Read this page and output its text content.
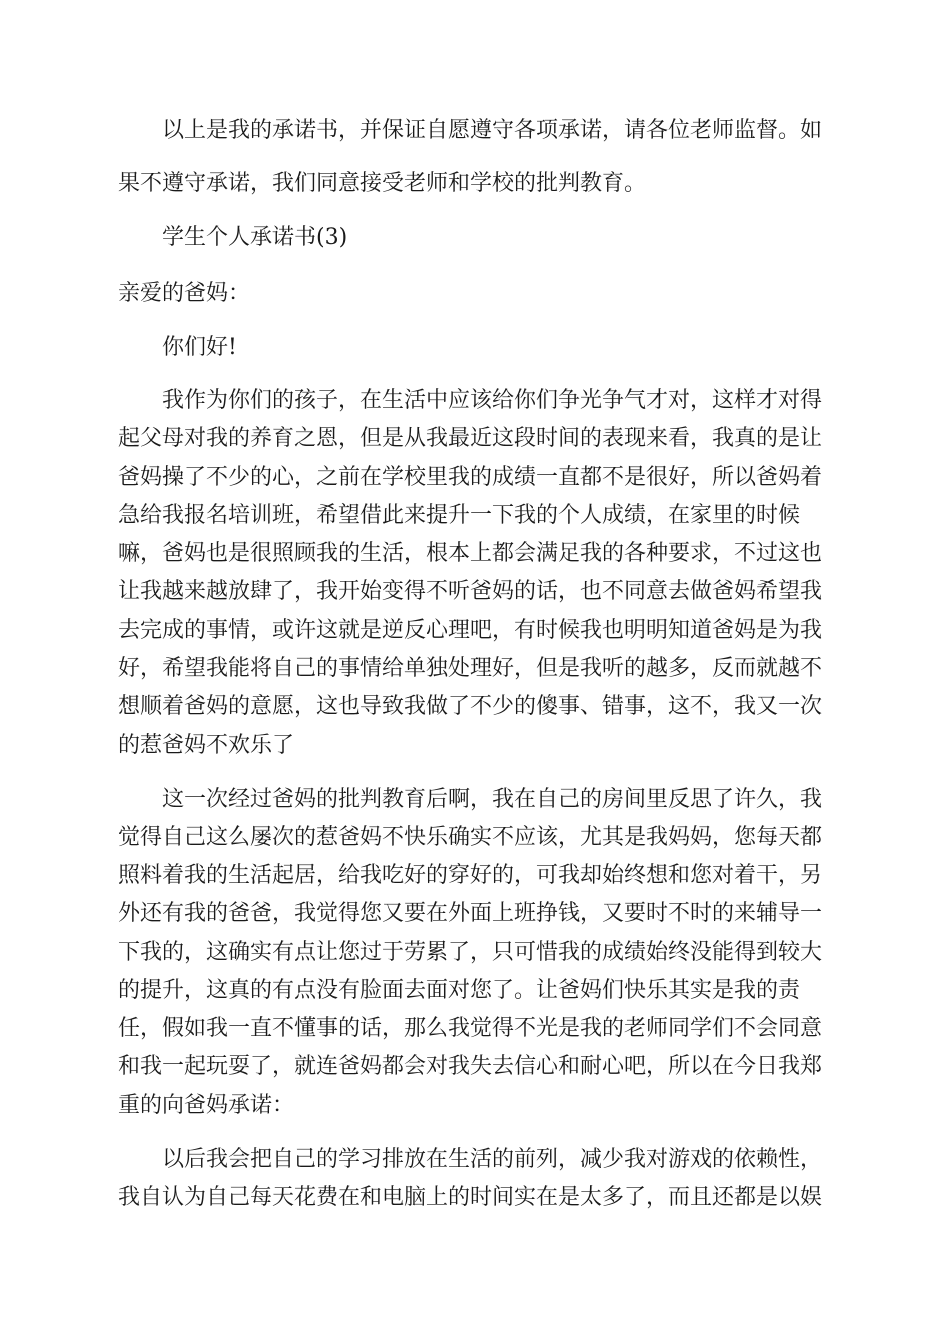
以上是我的承诺书，并保证自愿遵守各项承诺，请各位老师监督。如
果不遵守承诺，我们同意接受老师和学校的批判教育。
学生个人承诺书(3)
亲爱的爸妈：
你们好!
我作为你们的孩子，在生活中应该给你们争光争气才对，这样才对得
起父母对我的养育之恩，但是从我最近这段时间的表现来看，我真的是让
爸妈操了不少的心，之前在学校里我的成绩一直都不是很好，所以爸妈着
急给我报名培训班，希望借此来提升一下我的个人成绩，在家里的时候
嘛，爸妈也是很照顾我的生活，根本上都会满足我的各种要求，不过这也
让我越来越放肆了，我开始变得不听爸妈的话，也不同意去做爸妈希望我
去完成的事情，或许这就是逆反心理吧，有时候我也明明知道爸妈是为我
好，希望我能将自己的事情给单独处理好，但是我听的越多，反而就越不
想顺着爸妈的意愿，这也导致我做了不少的傻事、错事，这不，我又一次
的惹爸妈不欢乐了
这一次经过爸妈的批判教育后啊，我在自己的房间里反思了许久，我
觉得自己这么屡次的惹爸妈不快乐确实不应该，尤其是我妈妈，您每天都
照料着我的生活起居，给我吃好的穿好的，可我却始终想和您对着干，另
外还有我的爸爸，我觉得您又要在外面上班挣钱，又要时不时的来辅导一
下我的，这确实有点让您过于劳累了，只可惜我的成绩始终没能得到较大
的提升，这真的有点没有脸面去面对您了。让爸妈们快乐其实是我的责
任，假如我一直不懂事的话，那么我觉得不光是我的老师同学们不会同意
和我一起玩耍了，就连爸妈都会对我失去信心和耐心吧，所以在今日我郑
重的向爸妈承诺：
以后我会把自己的学习排放在生活的前列，减少我对游戏的依赖性，
我自认为自己每天花费在和电脑上的时间实在是太多了，而且还都是以娱
